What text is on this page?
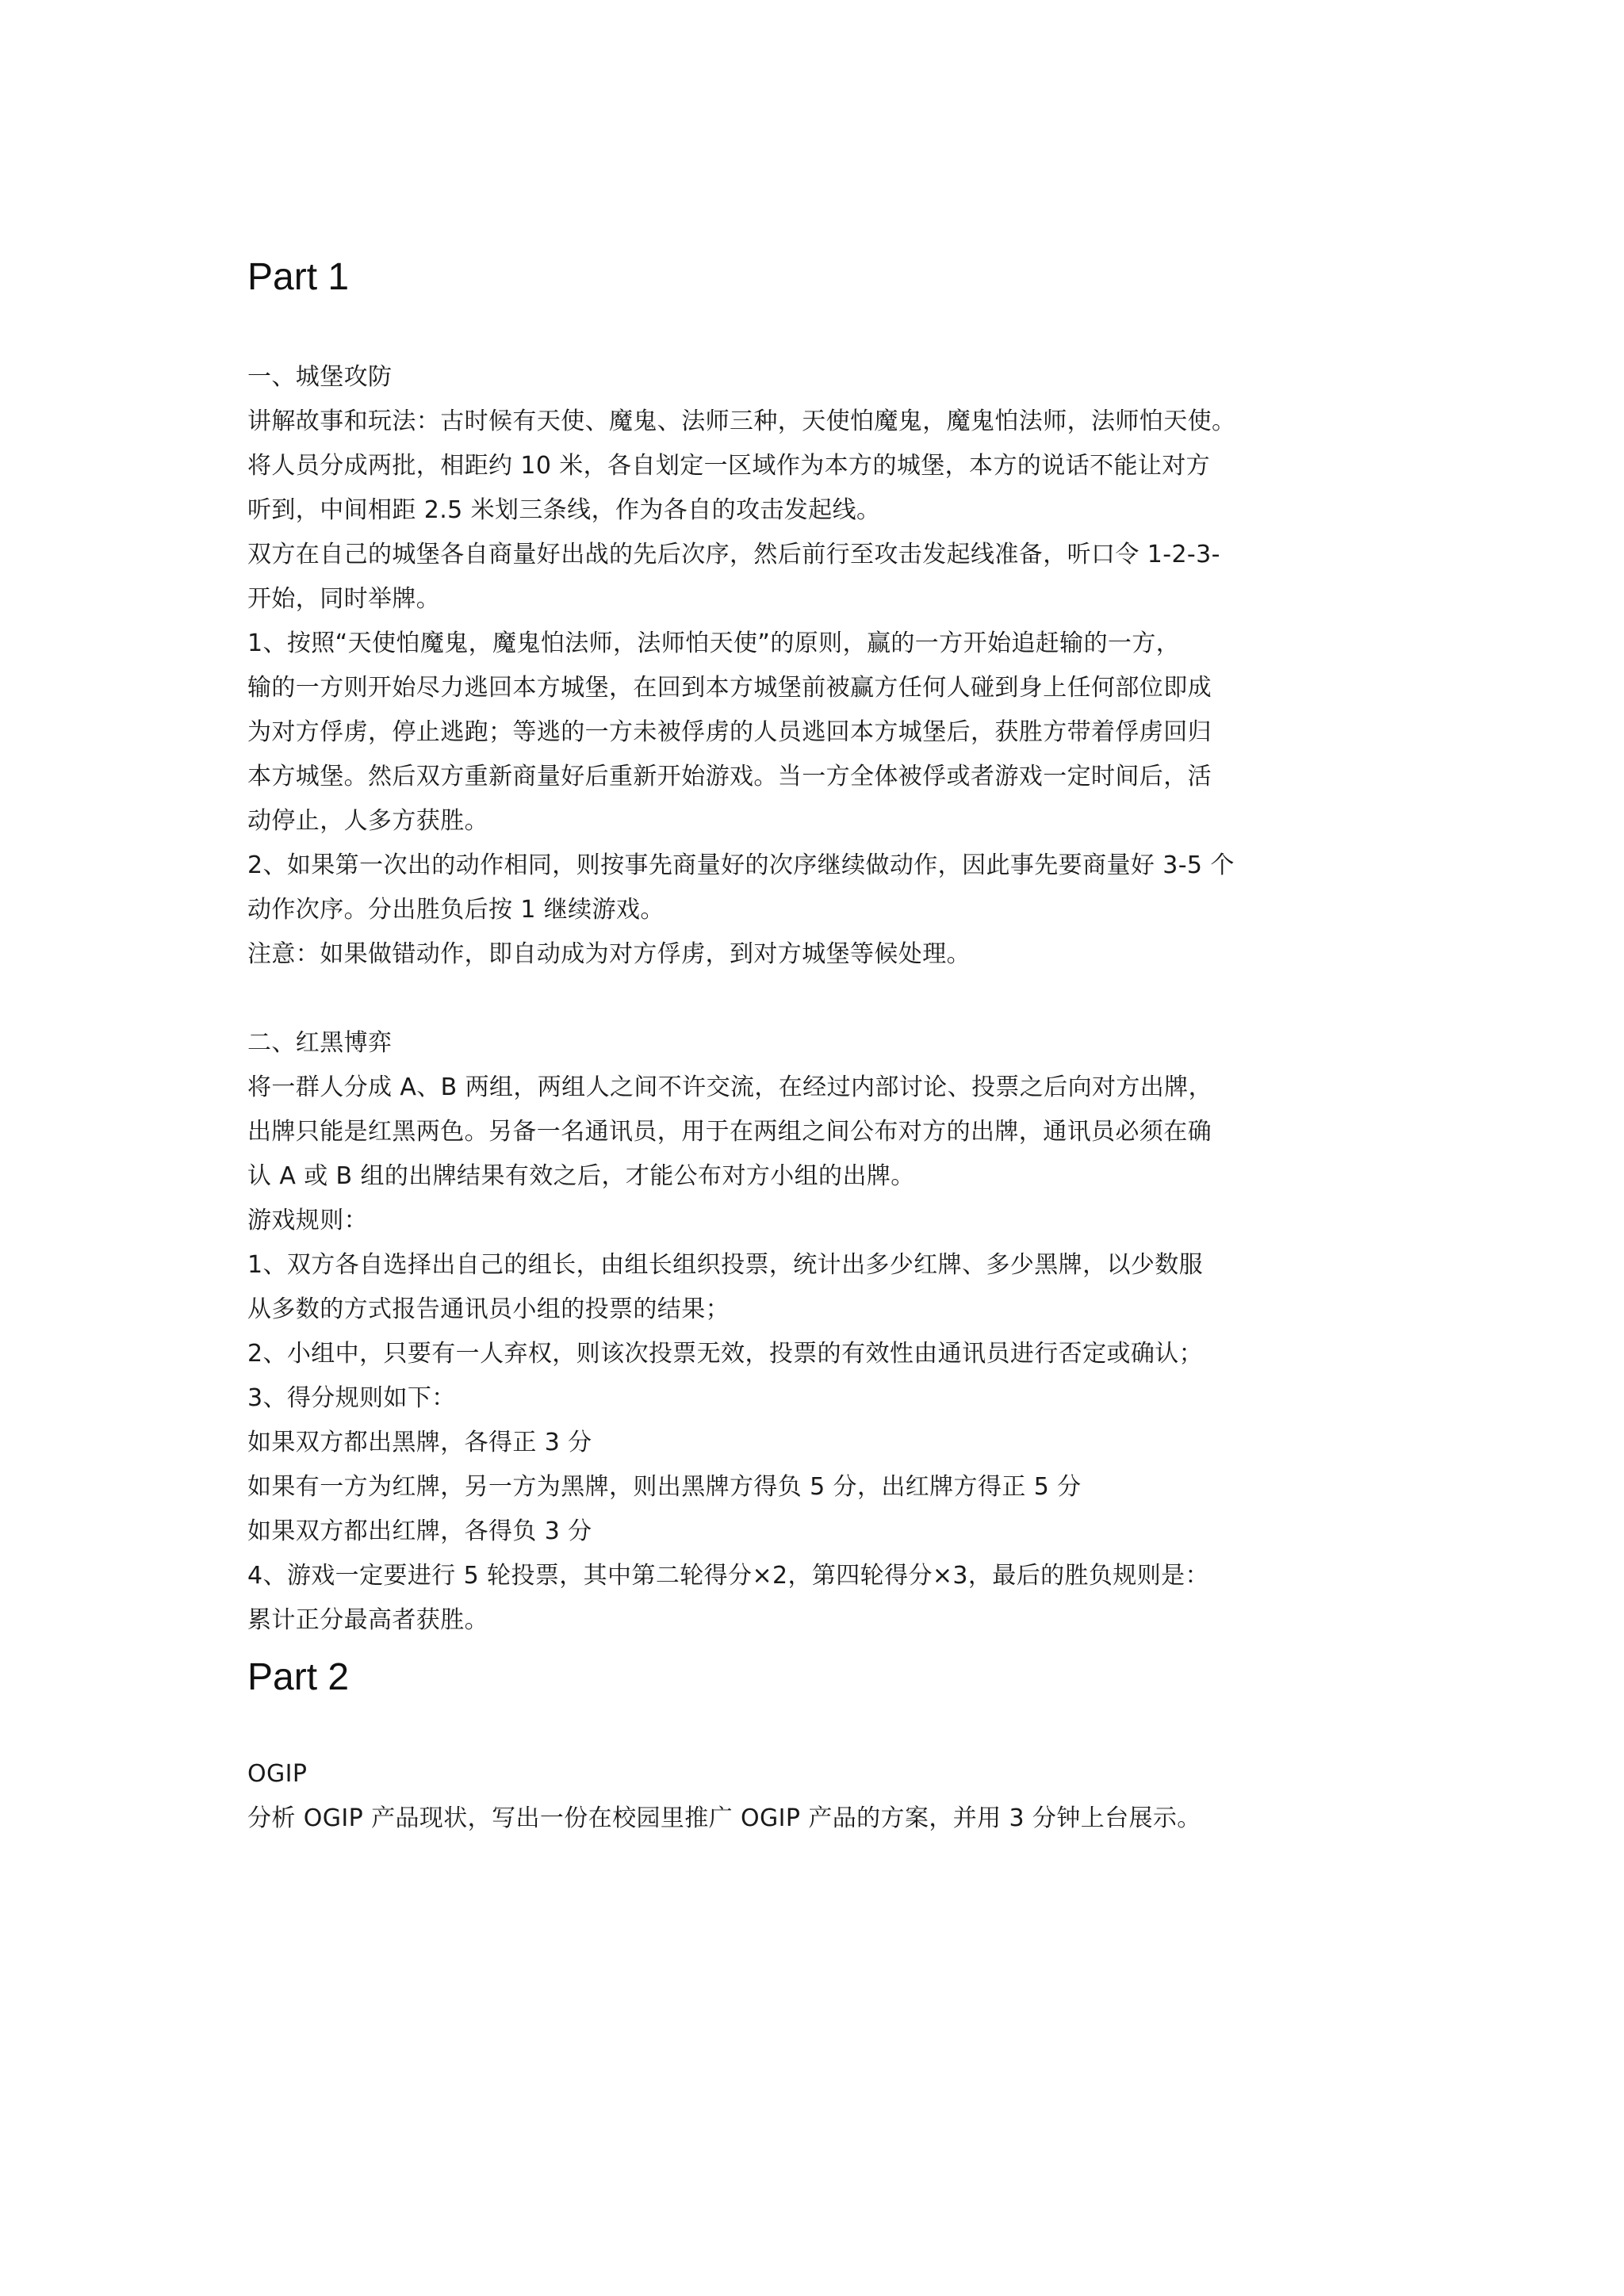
Part 1
一、城堡攻防
讲解故事和玩法：古时候有天使、魔鬼、法师三种，天使怕魔鬼，魔鬼怕法师，法师怕天使。
将人员分成两批，相距约 10 米，各自划定一区域作为本方的城堡，本方的说话不能让对方
听到，中间相距 2.5 米划三条线，作为各自的攻击发起线。
双方在自己的城堡各自商量好出战的先后次序，然后前行至攻击发起线准备，听口令 1-2-3-
开始，同时举牌。
1、按照“天使怕魔鬼，魔鬼怕法师，法师怕天使”的原则，赢的一方开始追赶输的一方，
输的一方则开始尽力逃回本方城堡，在回到本方城堡前被赢方任何人碰到身上任何部位即成
为对方俘虏，停止逃跑；等逃的一方未被俘虏的人员逃回本方城堡后，获胜方带着俘虏回归
本方城堡。然后双方重新商量好后重新开始游戏。当一方全体被俘或者游戏一定时间后，活
动停止，人多方获胜。
2、如果第一次出的动作相同，则按事先商量好的次序继续做动作，因此事先要商量好 3-5 个
动作次序。分出胜负后按 1 继续游戏。
注意：如果做错动作，即自动成为对方俘虏，到对方城堡等候处理。
二、红黑博弈
将一群人分成 A、B 两组，两组人之间不许交流，在经过内部讨论、投票之后向对方出牌，
出牌只能是红黑两色。另备一名通讯员，用于在两组之间公布对方的出牌，通讯员必须在确
认 A 或 B 组的出牌结果有效之后，才能公布对方小组的出牌。
游戏规则：
1、双方各自选择出自己的组长，由组长组织投票，统计出多少红牌、多少黑牌，以少数服
从多数的方式报告通讯员小组的投票的结果；
2、小组中，只要有一人弃权，则该次投票无效，投票的有效性由通讯员进行否定或确认；
3、得分规则如下：
如果双方都出黑牌，各得正 3 分
如果有一方为红牌，另一方为黑牌，则出黑牌方得负 5 分，出红牌方得正 5 分
如果双方都出红牌，各得负 3 分
4、游戏一定要进行 5 轮投票，其中第二轮得分×2，第四轮得分×3，最后的胜负规则是：
累计正分最高者获胜。
Part 2
OGIP
分析 OGIP 产品现状，写出一份在校园里推广 OGIP 产品的方案，并用 3 分钟上台展示。
